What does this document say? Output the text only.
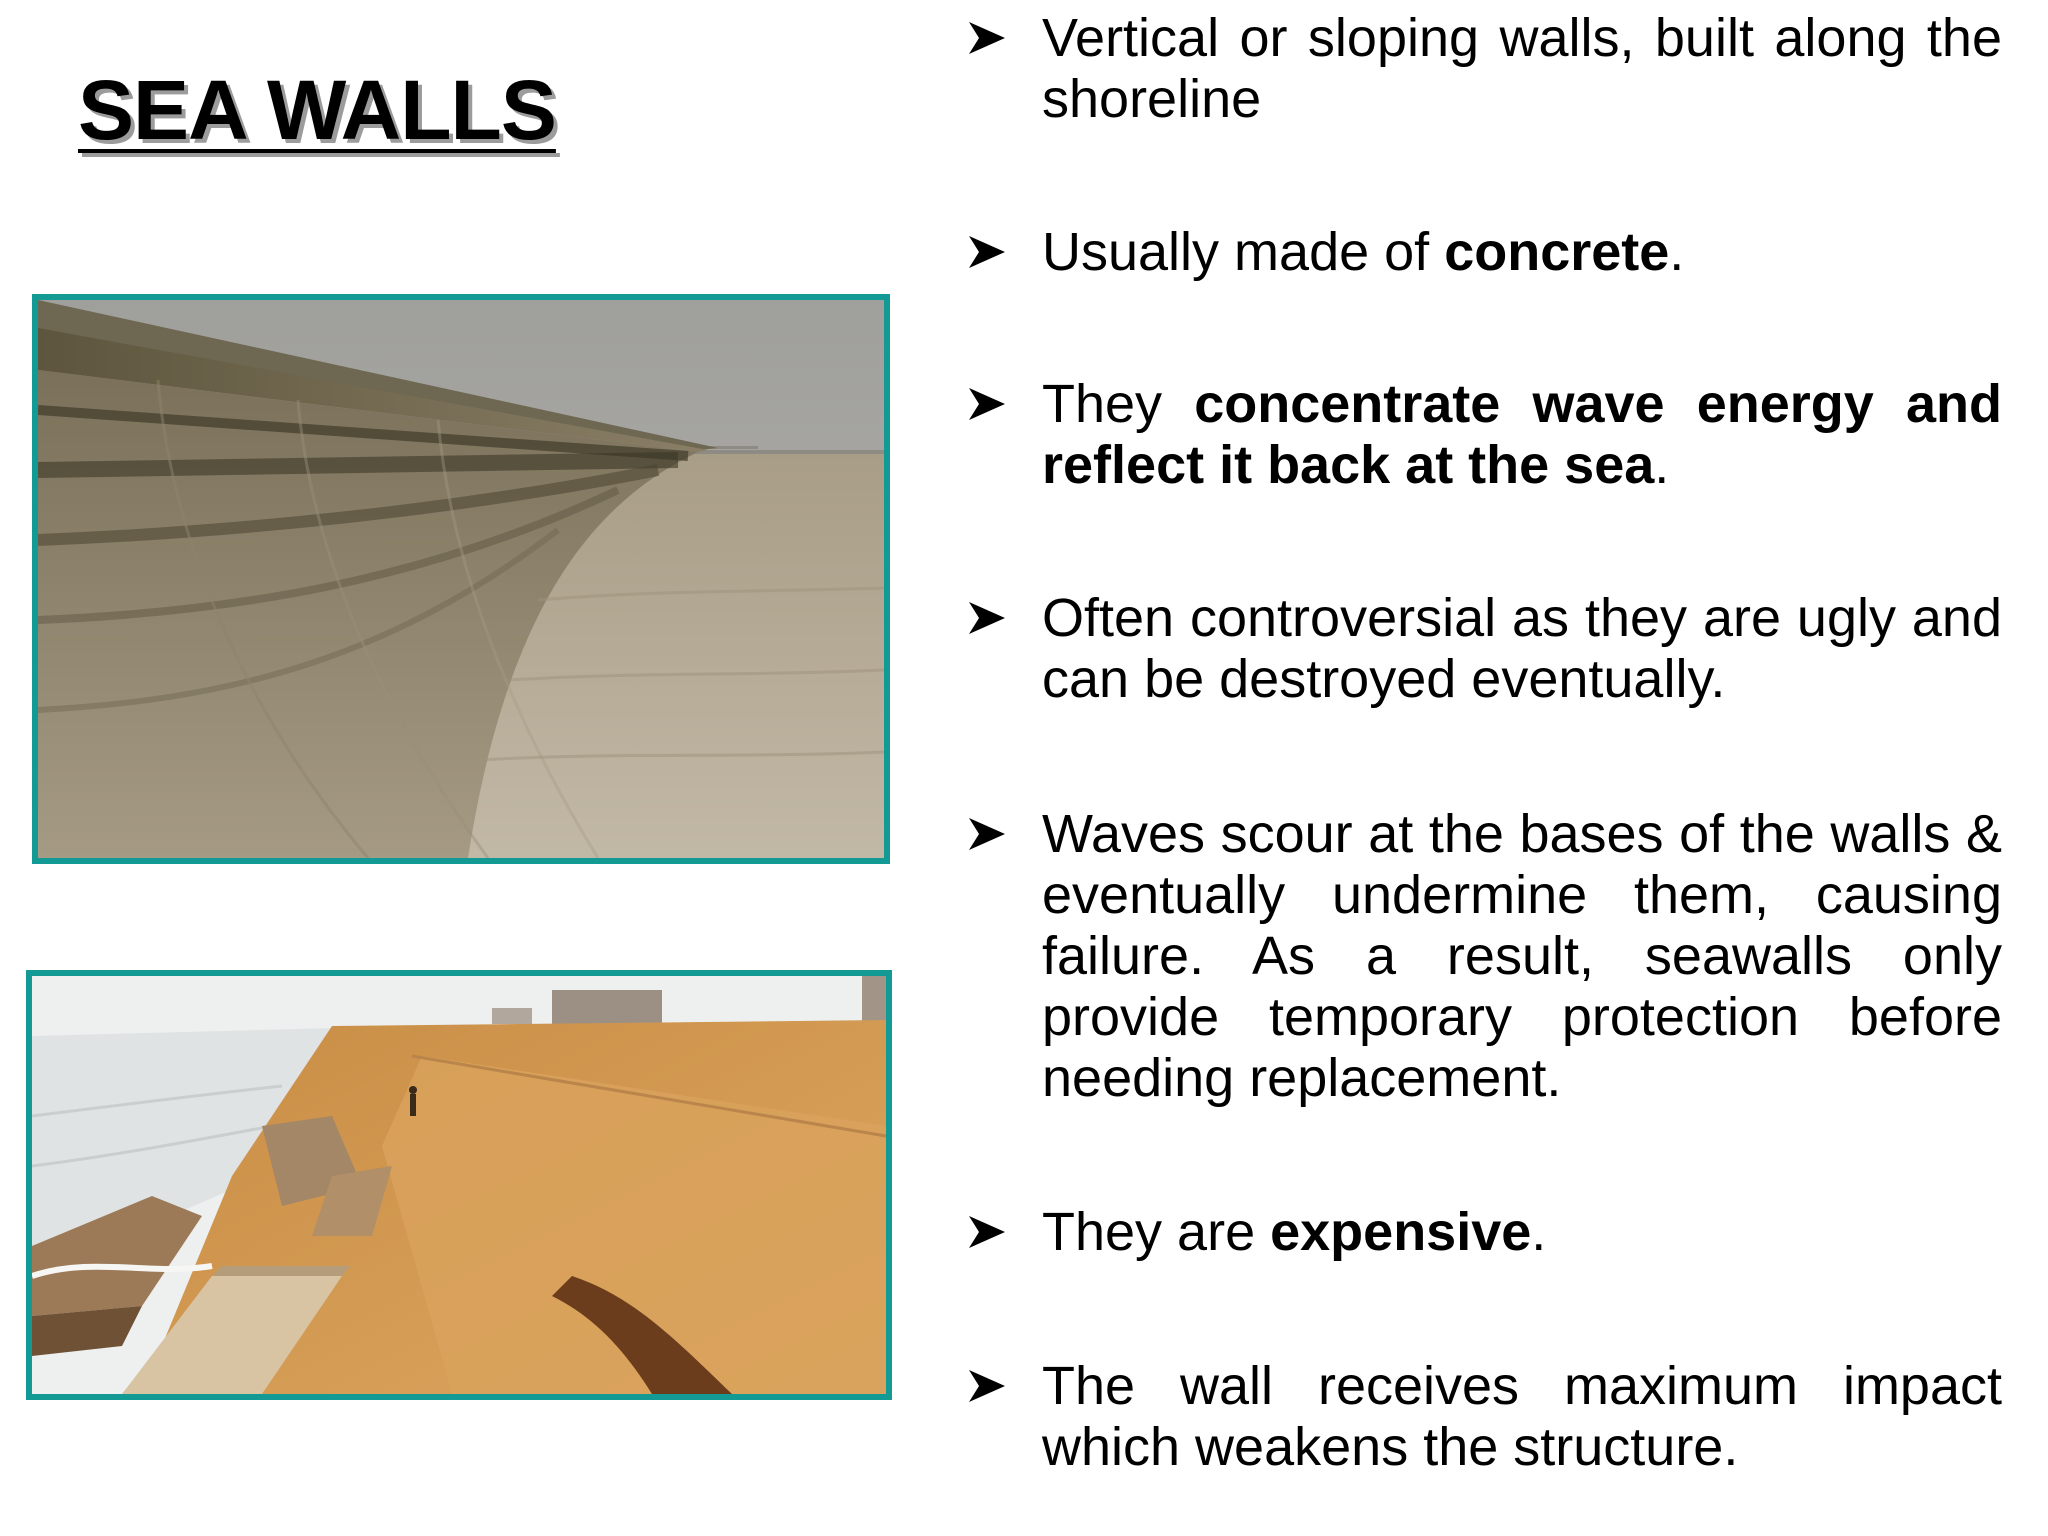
SEA WALLS
Vertical or sloping walls, built along the shoreline
Usually made of concrete.
They concentrate wave energy and reflect it back at the sea.
Often controversial as they are ugly and can be destroyed eventually.
Waves scour at the bases of the walls & eventually undermine them, causing failure. As a result, seawalls only provide temporary protection before needing replacement.
They are expensive.
The wall receives maximum impact which weakens the structure.
